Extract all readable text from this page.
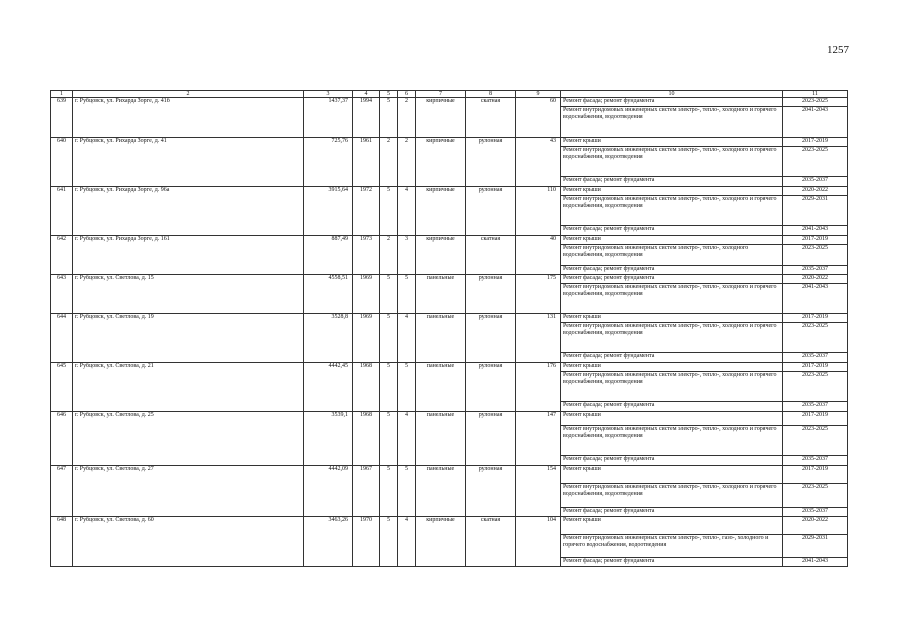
1257
1	2	3	4	5	6	7	8	9	10	11
639	г. Рубцовск, ул. Рихарда Зорге, д. 41б	1437,37	1994	5	2	кирпичные	скатная	60	Ремонт фасада; ремонт фундамента	2023-2025
									Ремонт внутридомовых инженерных систем электро-, тепло-, холодного и горячего водоснабжения, водоотведения	2041-2043
640	г. Рубцовск, ул. Рихарда Зорге, д. 41	725,76	1961	2	2	кирпичные	рулонная	43	Ремонт крыши	2017-2019
									Ремонт внутридомовых инженерных систем электро-, тепло-, холодного и горячего водоснабжения, водоотведения	2023-2025
									Ремонт фасада; ремонт фундамента	2035-2037
641	г. Рубцовск, ул. Рихарда Зорге, д. 96а	3915,64	1972	5	4	кирпичные	рулонная	110	Ремонт крыши	2020-2022
									Ремонт внутридомовых инженерных систем электро-, тепло-, холодного и горячего водоснабжения, водоотведения	2029-2031
									Ремонт фасада; ремонт фундамента	2041-2043
642	г. Рубцовск, ул. Рихарда Зорге, д. 161	887,49	1973	2	3	кирпичные	скатная	40	Ремонт крыши	2017-2019
									Ремонт внутридомовых инженерных систем электро-, тепло-, холодного водоснабжения, водоотведения	2023-2025
									Ремонт фасада; ремонт фундамента	2035-2037
643	г. Рубцовск, ул. Светлова, д. 15	4558,51	1969	5	5	панельные	рулонная	175	Ремонт фасада; ремонт фундамента	2020-2022
									Ремонт внутридомовых инженерных систем электро-, тепло-, холодного и горячего водоснабжения, водоотведения	2041-2043
644	г. Рубцовск, ул. Светлова, д. 19	3528,8	1969	5	4	панельные	рулонная	131	Ремонт крыши	2017-2019
									Ремонт внутридомовых инженерных систем электро-, тепло-, холодного и горячего водоснабжения, водоотведения	2023-2025
									Ремонт фасада; ремонт фундамента	2035-2037
645	г. Рубцовск, ул. Светлова, д. 21	4442,45	1968	5	5	панельные	рулонная	176	Ремонт крыши	2017-2019
									Ремонт внутридомовых инженерных систем электро-, тепло-, холодного и горячего водоснабжения, водоотведения	2023-2025
									Ремонт фасада; ремонт фундамента	2035-2037
646	г. Рубцовск, ул. Светлова, д. 25	3539,1	1968	5	4	панельные	рулонная	147	Ремонт крыши	2017-2019
									Ремонт внутридомовых инженерных систем электро-, тепло-, холодного и горячего водоснабжения, водоотведения	2023-2025
									Ремонт фасада; ремонт фундамента	2035-2037
647	г. Рубцовск, ул. Светлова, д. 27	4442,09	1967	5	5	панельные	рулонная	154	Ремонт крыши	2017-2019
									Ремонт внутридомовых инженерных систем электро-, тепло-, холодного и горячего водоснабжения, водоотведения	2023-2025
									Ремонт фасада; ремонт фундамента	2035-2037
648	г. Рубцовск, ул. Светлова, д. 60	3463,26	1970	5	4	кирпичные	скатная	104	Ремонт крыши	2020-2022
									Ремонт внутридомовых инженерных систем электро-, тепло-, газо-, холодного и горячего водоснабжения, водоотведения	2029-2031
									Ремонт фасада; ремонт фундамента	2041-2043
